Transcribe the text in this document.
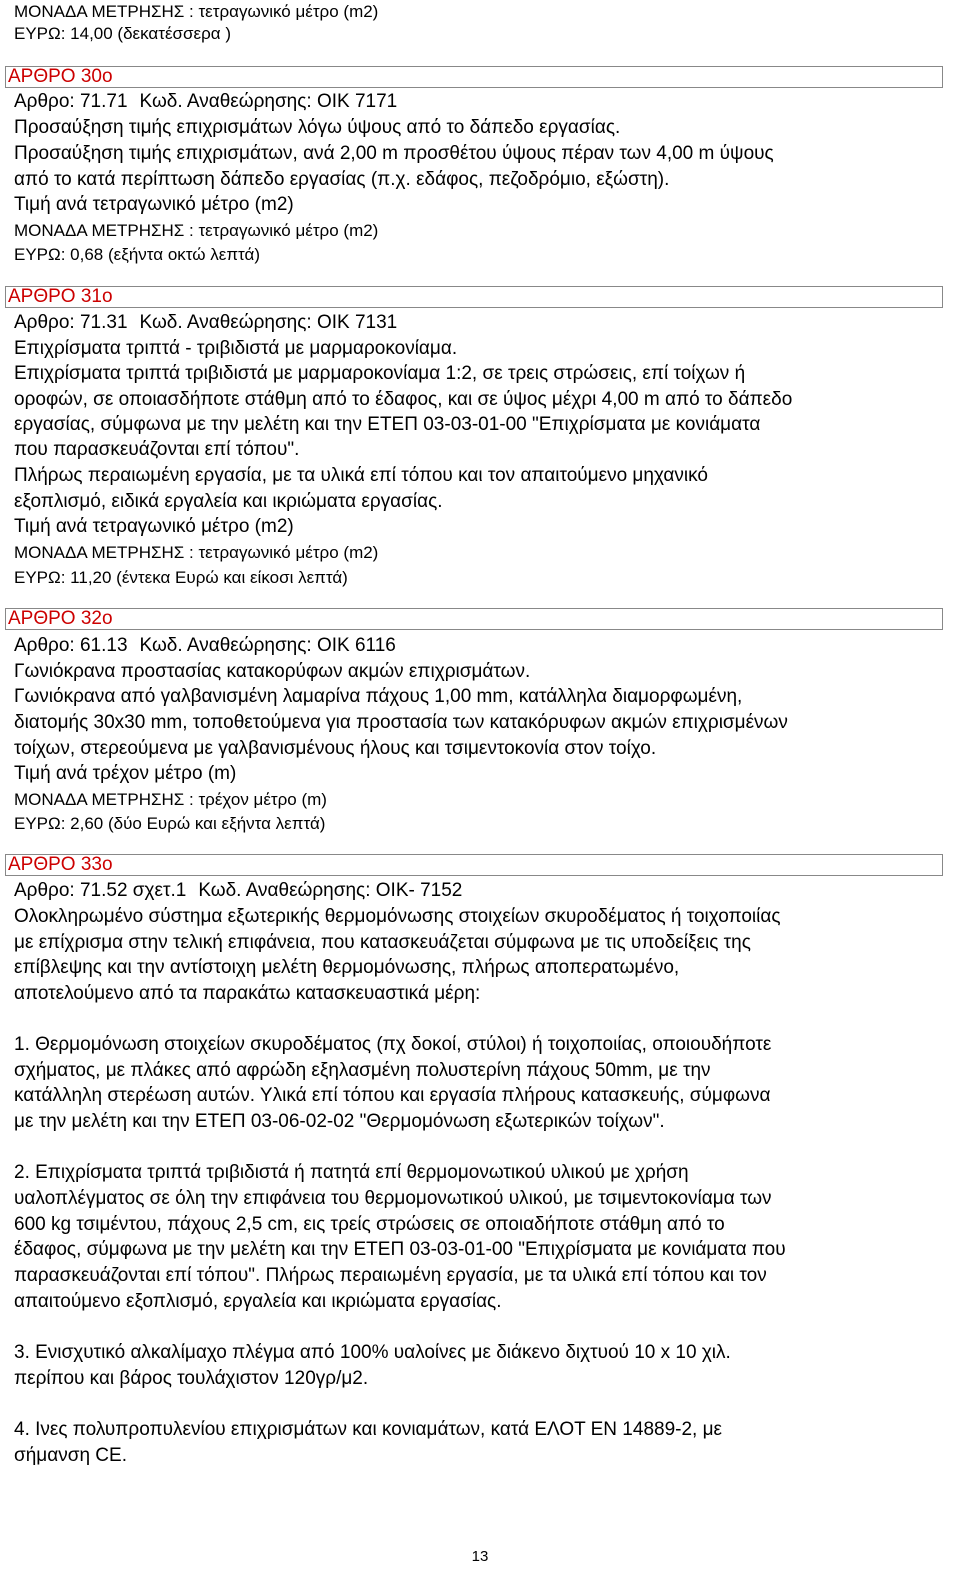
ΜΟΝΑΔΑ ΜΕΤΡΗΣΗΣ : τετραγωνικό μέτρο (m2)
ΕΥΡΩ: 14,00 (δεκατέσσερα )
ΑΡΘΡΟ 30ο
Αρθρο: 71.71 Κωδ. Αναθεώρησης: ΟΙΚ 7171
Προσαύξηση τιμής επιχρισμάτων λόγω ύψους από το δάπεδο εργασίας.
Προσαύξηση τιμής επιχρισμάτων, ανά 2,00 m προσθέτου ύψους πέραν των 4,00 m ύψους
από το κατά περίπτωση δάπεδο εργασίας (π.χ. εδάφος, πεζοδρόμιο, εξώστη).
Τιμή ανά τετραγωνικό μέτρο (m2)
ΜΟΝΑΔΑ ΜΕΤΡΗΣΗΣ : τετραγωνικό μέτρο (m2)
ΕΥΡΩ: 0,68 (εξήντα οκτώ λεπτά)
ΑΡΘΡΟ 31ο
Αρθρο: 71.31 Κωδ. Αναθεώρησης: ΟΙΚ 7131
Επιχρίσματα τριπτά - τριβιδιστά με μαρμαροκονίαμα.
Επιχρίσματα τριπτά τριβιδιστά με μαρμαροκονίαμα 1:2, σε τρεις στρώσεις, επί τοίχων ή
οροφών, σε οποιασδήποτε στάθμη από το έδαφος, και σε ύψος μέχρι 4,00 m από το δάπεδο
εργασίας, σύμφωνα με την μελέτη και την ΕΤΕΠ 03-03-01-00 "Επιχρίσματα με κονιάματα
που παρασκευάζονται επί τόπου".
Πλήρως περαιωμένη εργασία, με τα υλικά επί τόπου και τον απαιτούμενο μηχανικό
εξοπλισμό, ειδικά εργαλεία και ικριώματα εργασίας.
Τιμή ανά τετραγωνικό μέτρο (m2)
ΜΟΝΑΔΑ ΜΕΤΡΗΣΗΣ : τετραγωνικό μέτρο (m2)
ΕΥΡΩ: 11,20 (έντεκα Ευρώ και είκοσι λεπτά)
ΑΡΘΡΟ 32ο
Αρθρο: 61.13 Κωδ. Αναθεώρησης: ΟΙΚ 6116
Γωνιόκρανα προστασίας κατακορύφων ακμών επιχρισμάτων.
Γωνιόκρανα από γαλβανισμένη λαμαρίνα πάχους 1,00 mm, κατάλληλα διαμορφωμένη,
διατομής 30x30 mm, τοποθετούμενα για προστασία των κατακόρυφων ακμών επιχρισμένων
τοίχων, στερεούμενα με γαλβανισμένους ήλους και τσιμεντοκονία στον τοίχο.
Τιμή ανά τρέχον μέτρο (m)
ΜΟΝΑΔΑ ΜΕΤΡΗΣΗΣ : τρέχον μέτρο (m)
ΕΥΡΩ: 2,60 (δύο Ευρώ και εξήντα λεπτά)
ΑΡΘΡΟ 33ο
Αρθρο: 71.52 σχετ.1 Κωδ. Αναθεώρησης: ΟΙΚ- 7152
Ολοκληρωμένο σύστημα εξωτερικής θερμομόνωσης στοιχείων σκυροδέματος ή τοιχοποιίας
με επίχρισμα στην τελική επιφάνεια, που κατασκευάζεται σύμφωνα με τις υποδείξεις της
επίβλεψης και την αντίστοιχη μελέτη θερμομόνωσης, πλήρως αποπερατωμένο,
αποτελούμενο από τα παρακάτω κατασκευαστικά μέρη:
1. Θερμομόνωση στοιχείων σκυροδέματος (πχ δοκοί, στύλοι) ή τοιχοποιίας, οποιουδήποτε
σχήματος, με πλάκες από αφρώδη εξηλασμένη πολυστερίνη πάχους 50mm, με την
κατάλληλη στερέωση αυτών. Υλικά επί τόπου και εργασία πλήρους κατασκευής, σύμφωνα
με την μελέτη και την ΕΤΕΠ 03-06-02-02 "Θερμομόνωση εξωτερικών τοίχων".
2. Επιχρίσματα τριπτά τριβιδιστά ή πατητά επί θερμομονωτικού υλικού με χρήση
υαλοπλέγματος σε όλη την επιφάνεια του θερμομονωτικού υλικού, με τσιμεντοκονίαμα των
600 kg τσιμέντου, πάχους 2,5 cm, εις τρείς στρώσεις σε οποιαδήποτε στάθμη από το
έδαφος, σύμφωνα με την μελέτη και την ΕΤΕΠ 03-03-01-00 "Επιχρίσματα με κονιάματα που
παρασκευάζονται επί τόπου". Πλήρως περαιωμένη εργασία, με τα υλικά επί τόπου και τον
απαιτούμενο εξοπλισμό, εργαλεία και ικριώματα εργασίας.
3. Ενισχυτικό αλκαλίμαχο πλέγμα από 100% υαλοίνες με διάκενο διχτυού 10 x 10 χιλ.
περίπου και βάρος τουλάχιστον 120γρ/μ2.
4. Ινες πολυπροπυλενίου επιχρισμάτων και κονιαμάτων, κατά ΕΛΟΤ ΕΝ 14889-2, με
σήμανση CE.
13
